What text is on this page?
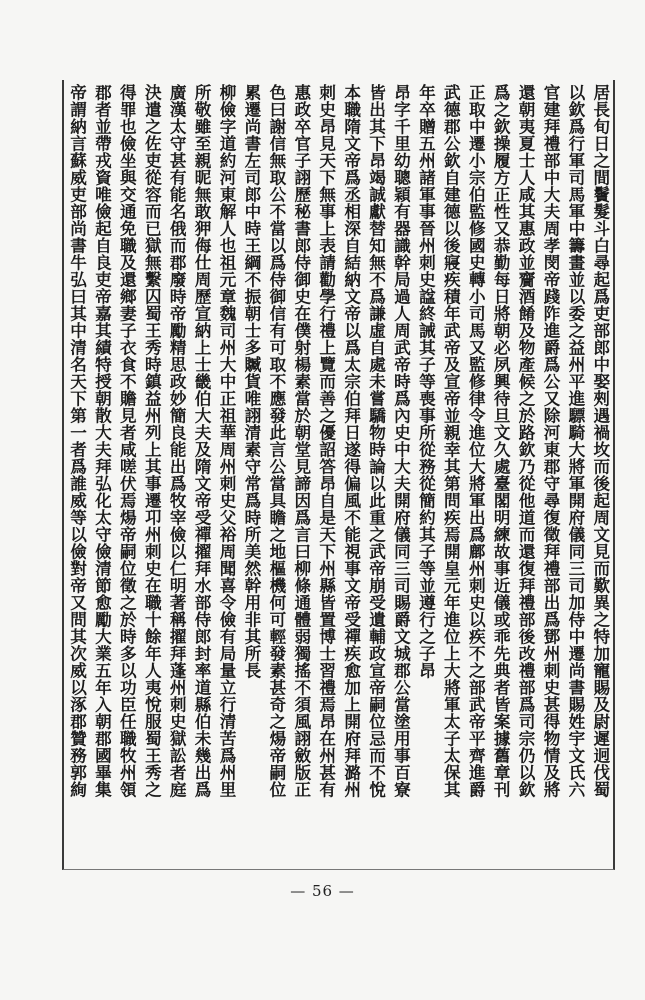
居長旬日之間鬢髮斗白尋起爲吏部郎中娶㓨遇禍坆而後起周文見而歎異之特加寵賜及尉遲迥伐蜀
以欽爲行軍司馬軍中籌畫並以委之益州平進驃騎大將軍開府儀同三司加侍中遷尚書賜姓宇文氏六
官建拜禮部中大夫周孝閔帝踐阼進爵爲公又除河東郡守尋復徵拜禮部出爲鄧州刺史甚得物情及將
還朝夷夏士人咸其惠政並齎酒餚及物產候之於路欽乃從他道而還復拜禮部後改禮部爲司宗仍以欽
爲之欽操履方正性又恭勤每日將朝必夙興待旦文久處臺閣明練故事近儀或乖先典者皆案據舊章刊
正取中遷小宗伯監修國史轉小司馬又監修律令進位大將軍出爲鄜州刺史以疾不之部武帝平齊進爵
武德郡公欽自建德以後寢疾積年武帝及宣帝並親幸其第問疾焉開皇元年進位上大將軍太子太保其
年卒贈五州諸軍事晉州刺史諡終誡其子等喪事所從務從簡約其子等並遵行之子昂
昂字千里幼聰穎有器識幹局過人周武帝時爲內史中大夫開府儀同三司賜爵文城郡公當塗用事百寮
皆出其下昂竭誠獻替知無不爲謙虛自處未嘗驕物時論以此重之武帝崩受遺輔政宣帝嗣位忌而不悅
本職隋文帝爲丞相深自結納文帝以爲太宗伯拜日遂得偏風不能視事文帝受禪疾愈加上開府拜潞州
刺史昂見天下無事上表請勸學行禮上覽而善之優詔答昂自是天下州縣皆置博士習禮焉昂在州甚有
惠政卒官子詡歷秘書郎侍御史在僕射楊素當於朝堂見諦因爲言曰柳條通體弱獨搖不須風詡斂版正
色曰謝信無取公不當以爲侍御信有可取不應發此言公當具瞻之地樞機何可輕發素甚奇之煬帝嗣位
累遷尚書左司郎中時王綱不振朝士多贓貨唯詡清素守常爲時所美然幹用非其所長
柳儉字道約河東解人也祖元章魏司州大中正祖華周州刺史父裕周聞喜令儉有局量立行清苦爲州里
所敬雖至親昵無敢狎侮仕周歷宣納上士畿伯大夫及隋文帝受禪擢拜水部侍郎封率道縣伯未幾出爲
廣漢太守甚有能名俄而郡廢時帝勵精思政妙簡良能出爲牧宰儉以仁明著稱擢拜蓬州刺史獄訟者庭
決遣之佐吏從容而已獄無繫囚蜀王秀時鎮益州列上其事遷卭州刺史在職十餘年人夷悅服蜀王秀之
得罪也儉坐與交通免職及還鄉妻子衣食不贍見者咸嗟伏焉煬帝嗣位徵之於時多以功臣任職牧州領
郡者並帶戎資唯儉起自良吏帝嘉其績特授朝散大夫拜弘化太守儉清節愈勵大業五年入朝郡國畢集
帝謂納言蘇威吏部尚書牛弘曰其中清名天下第一者爲誰威等以儉對帝又問其次威以涿郡贊務郭絢
— 56 —
